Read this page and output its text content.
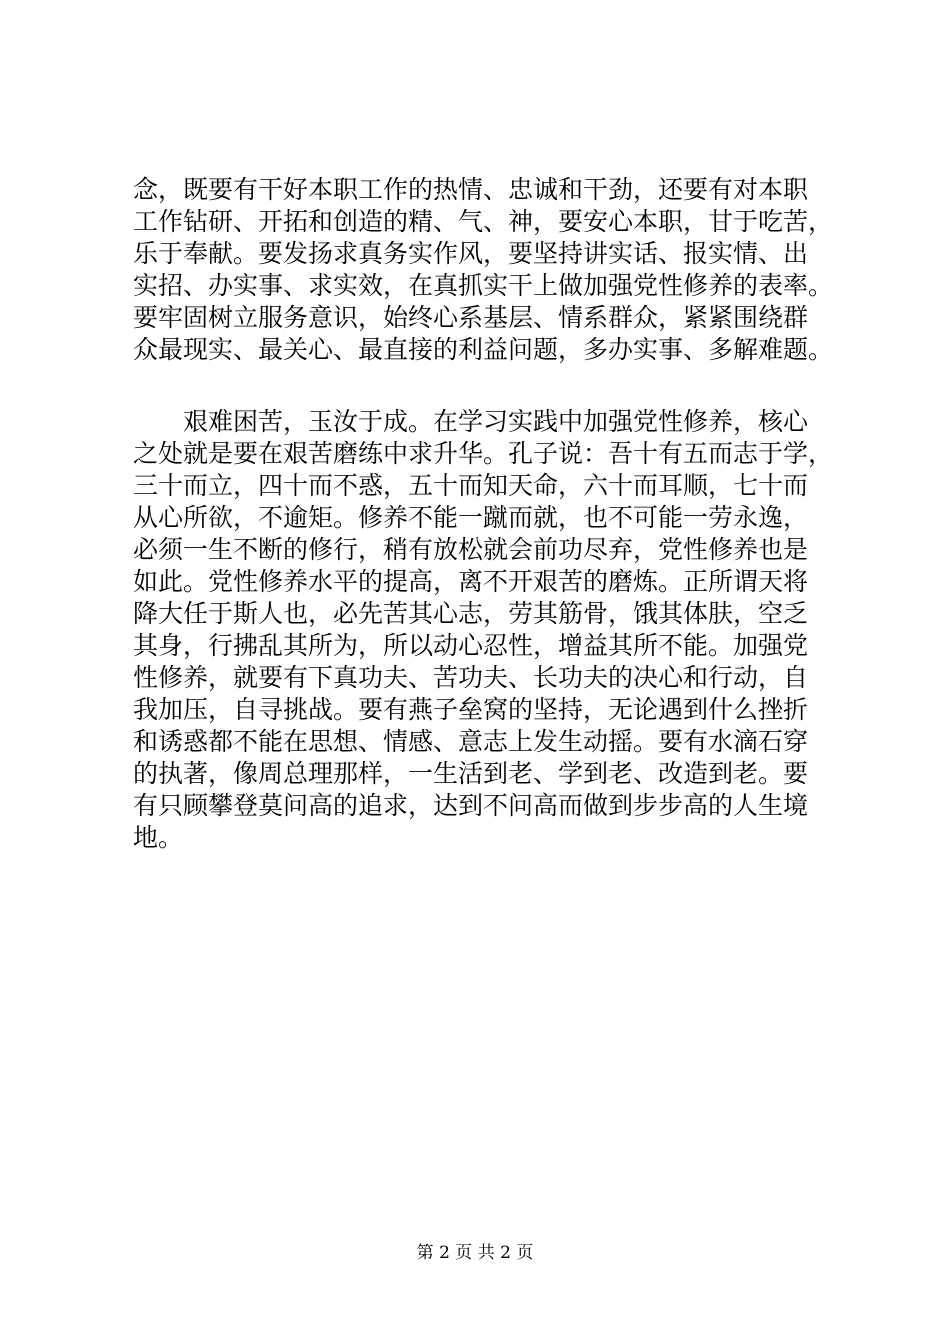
念，既要有干好本职工作的热情、忠诚和干劲，还要有对本职
工作钻研、开拓和创造的精、气、神，要安心本职，甘于吃苦，
乐于奉献。要发扬求真务实作风，要坚持讲实话、报实情、出
实招、办实事、求实效，在真抓实干上做加强党性修养的表率。
要牢固树立服务意识，始终心系基层、情系群众，紧紧围绕群
众最现实、最关心、最直接的利益问题，多办实事、多解难题。

　　艰难困苦，玉汝于成。在学习实践中加强党性修养，核心
之处就是要在艰苦磨练中求升华。孔子说：吾十有五而志于学，
三十而立，四十而不惑，五十而知天命，六十而耳顺，七十而
从心所欲，不逾矩。修养不能一蹴而就，也不可能一劳永逸，
必须一生不断的修行，稍有放松就会前功尽弃，党性修养也是
如此。党性修养水平的提高，离不开艰苦的磨炼。正所谓天将
降大任于斯人也，必先苦其心志，劳其筋骨，饿其体肤，空乏
其身，行拂乱其所为，所以动心忍性，增益其所不能。加强党
性修养，就要有下真功夫、苦功夫、长功夫的决心和行动，自
我加压，自寻挑战。要有燕子垒窝的坚持，无论遇到什么挫折
和诱惑都不能在思想、情感、意志上发生动摇。要有水滴石穿
的执著，像周总理那样，一生活到老、学到老、改造到老。要
有只顾攀登莫问高的追求，达到不问高而做到步步高的人生境
地。

第 2 页 共 2 页
